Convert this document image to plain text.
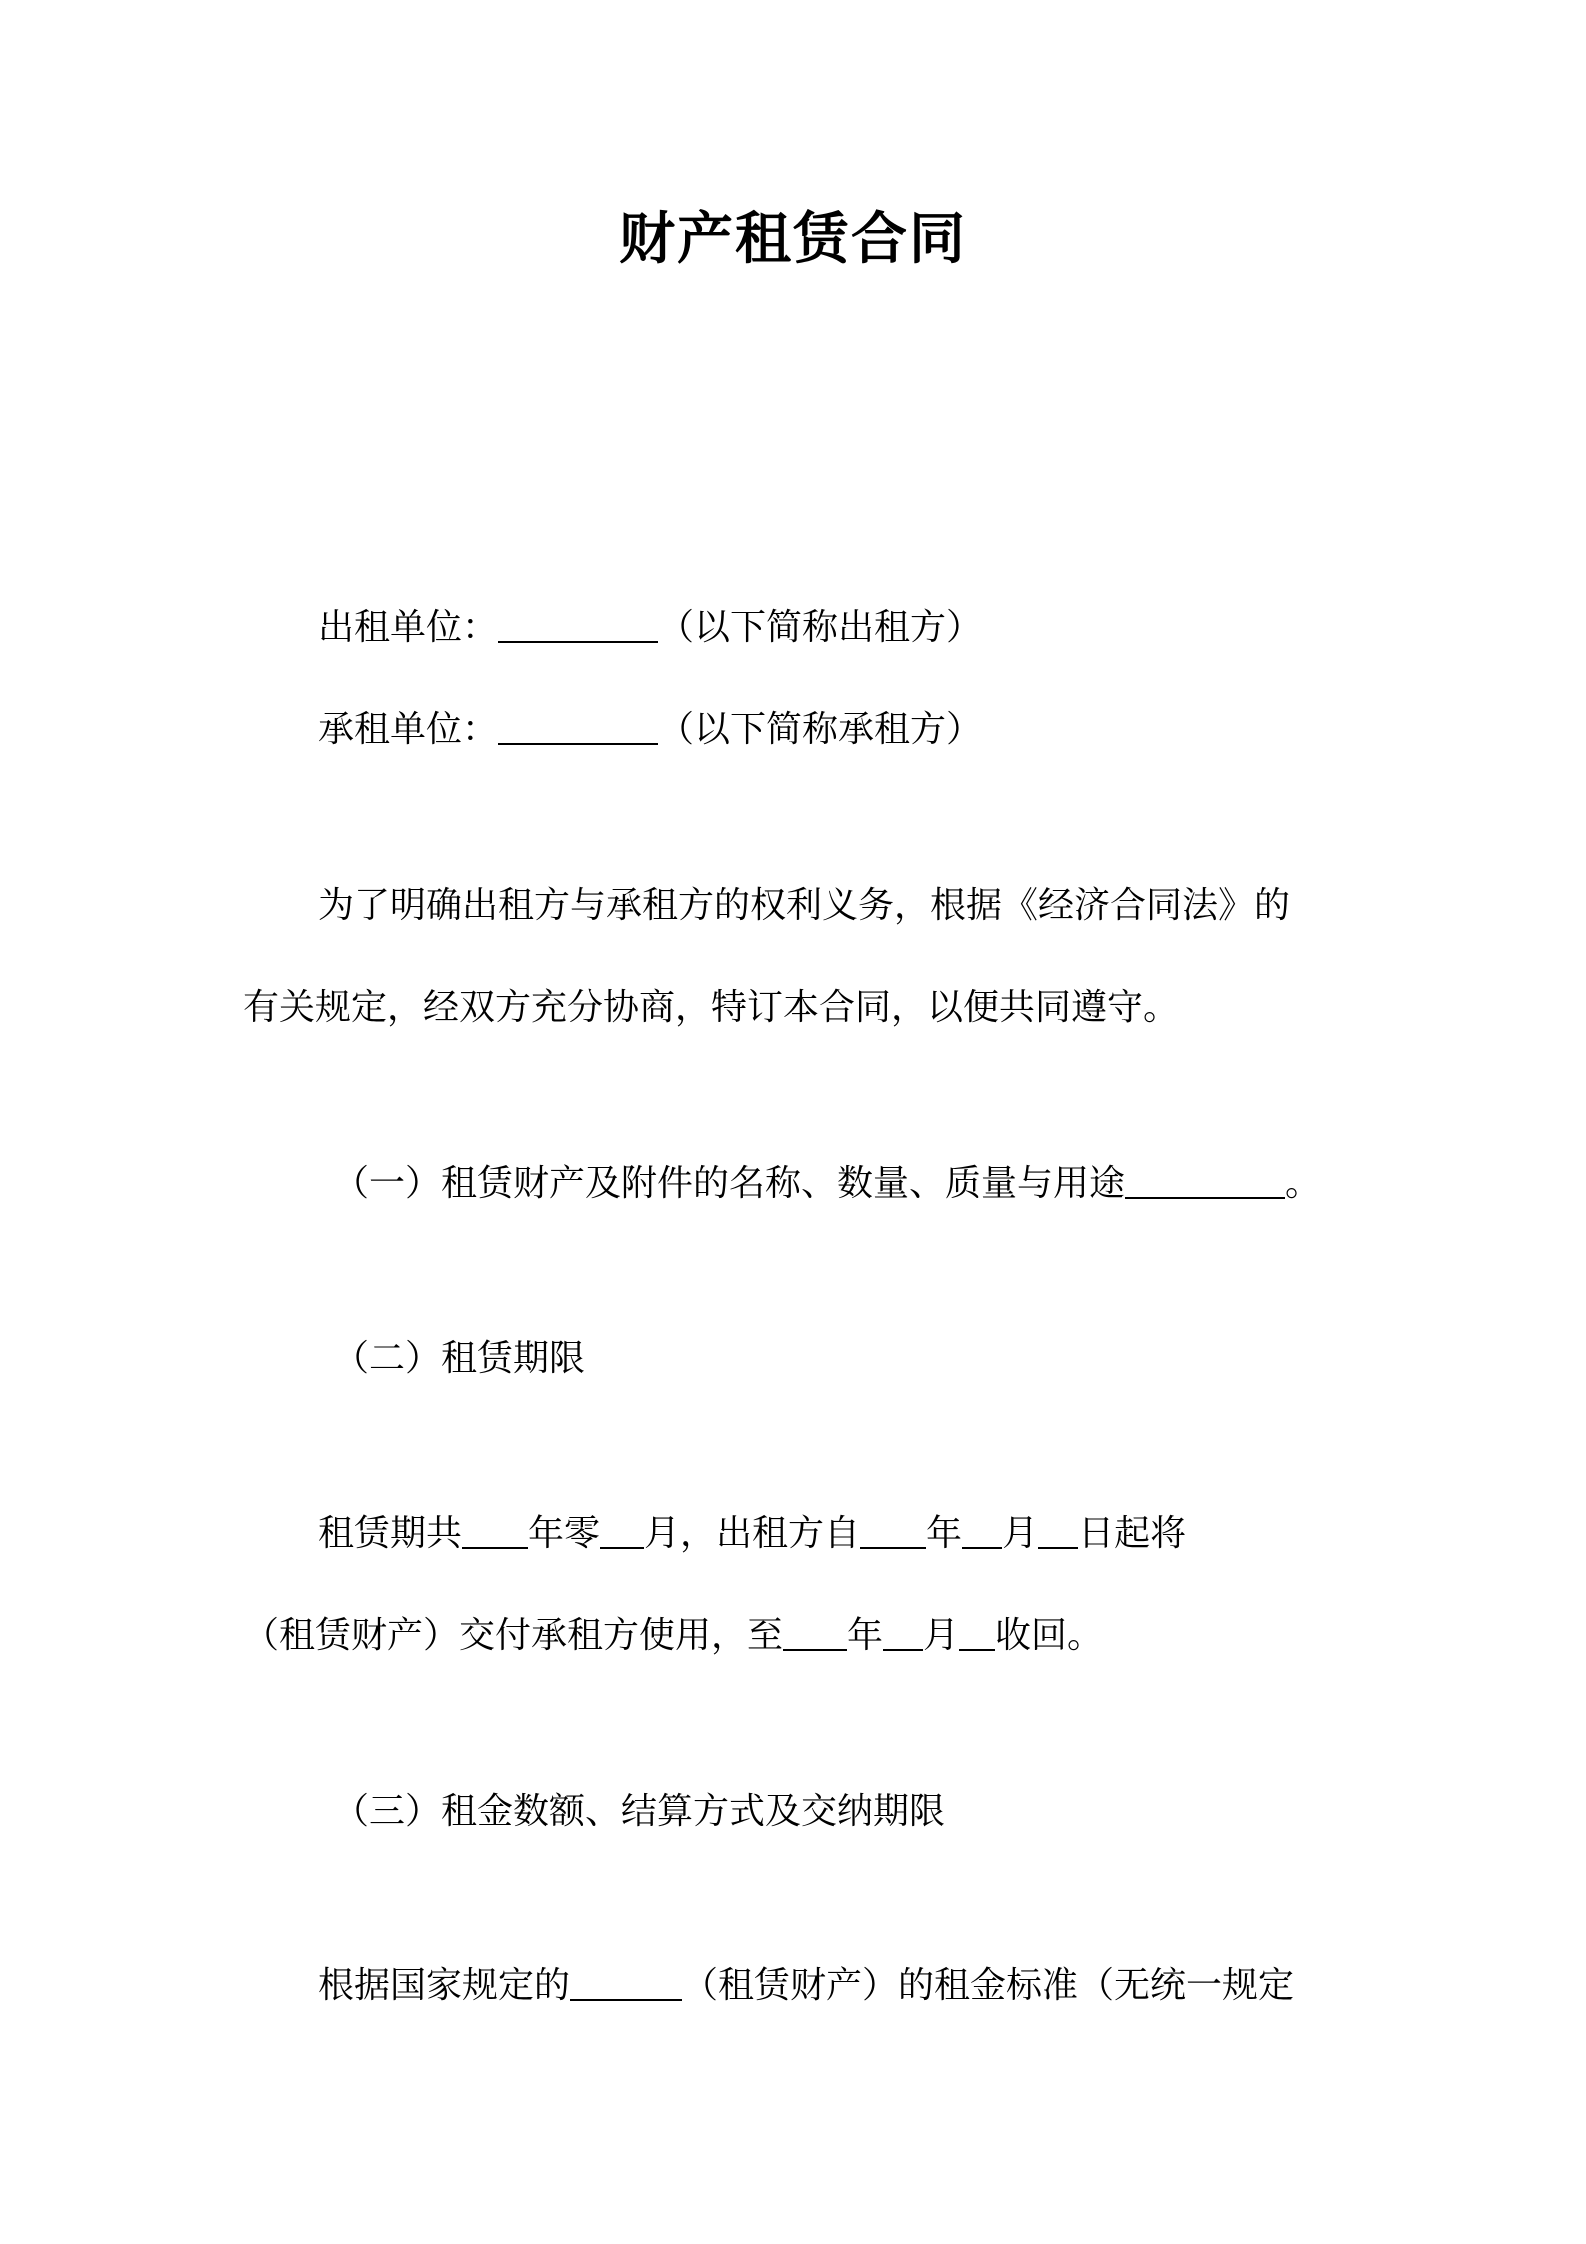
财产租赁合同
出租单位：	（以下简称出租方）
承租单位：	（以下简称承租方）
为了明确出租方与承租方的权利义务，根据《经济合同法》的
有关规定，经双方充分协商，特订本合同，以便共同遵守。
（一）租赁财产及附件的名称、数量、质量与用途	。
（二）租赁期限
租赁期共 年零 月，出租方自 年 月 日起将
（租赁财产）交付承租方使用，至 年 月 收回。
（三）租金数额、结算方式及交纳期限
根据国家规定的	（租赁财产）的租金标准（无统一规定
